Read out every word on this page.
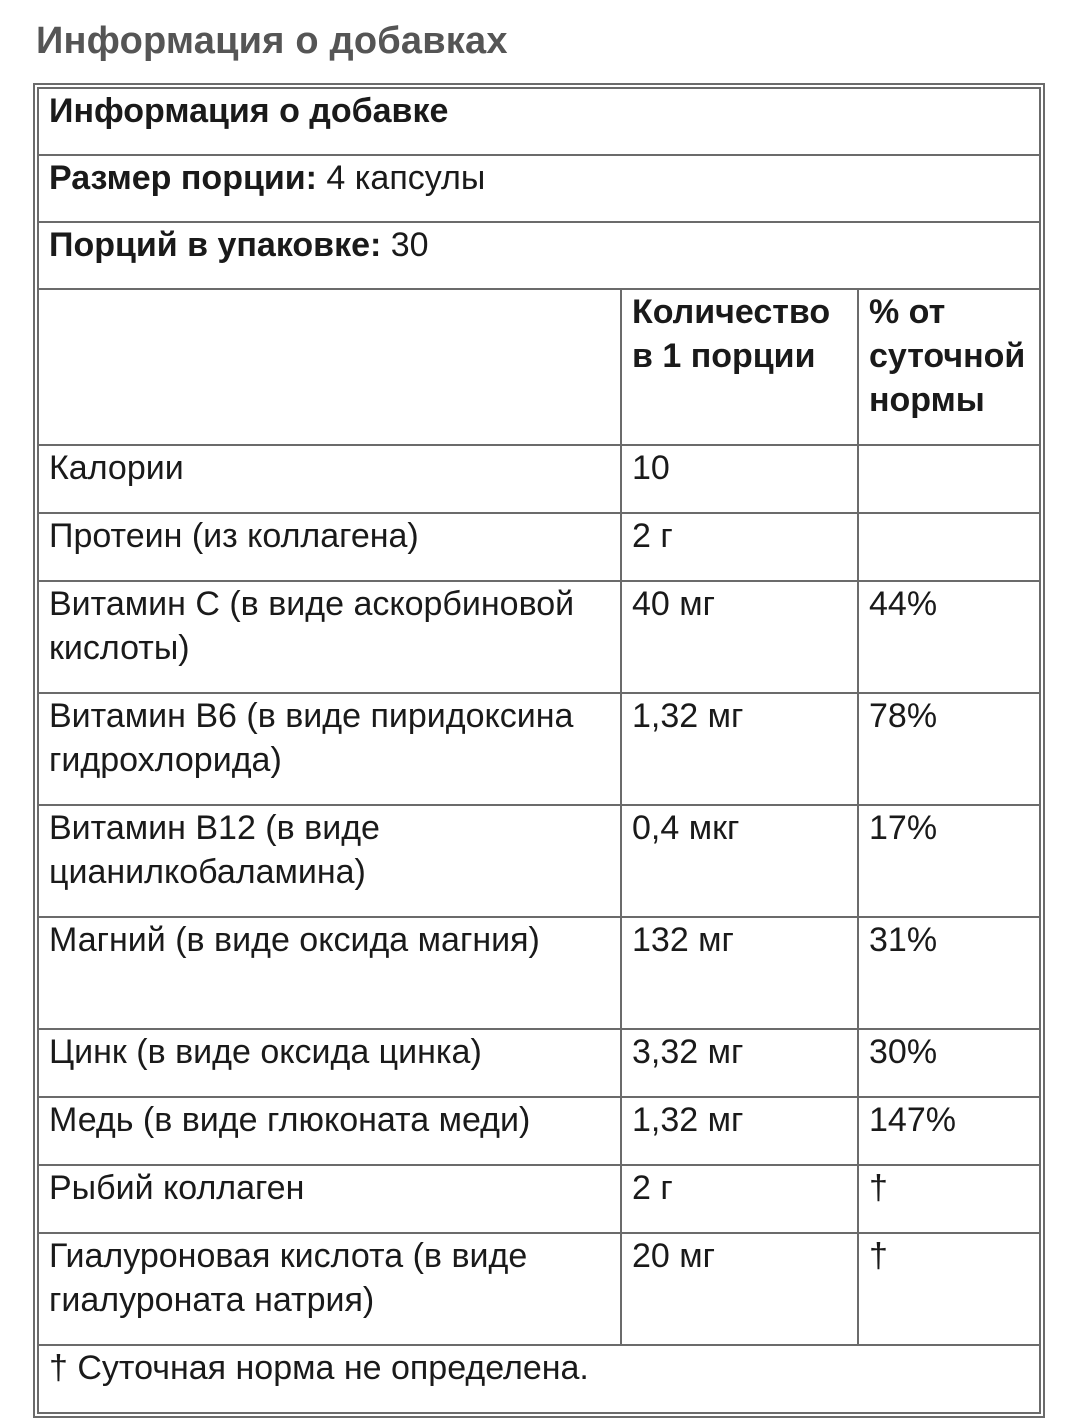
Информация о добавках
Информация о добавке		
Размер порции: 4 капсулы		
Порций в упаковке: 30		
	Количество в 1 порции	% от суточной нормы
Калории	10	
Протеин (из коллагена)	2 г	
Витамин C (в виде аскорбиновой кислоты)	40 мг	44%
Витамин B6 (в виде пиридоксина гидрохлорида)	1,32 мг	78%
Витамин B12 (в виде цианилкобаламина)	0,4 мкг	17%
Магний (в виде оксида магния)	132 мг	31%
Цинк (в виде оксида цинка)	3,32 мг	30%
Медь (в виде глюконата меди)	1,32 мг	147%
Рыбий коллаген	2 г	†
Гиалуроновая кислота (в виде гиалуроната натрия)	20 мг	†
† Суточная норма не определена.		
